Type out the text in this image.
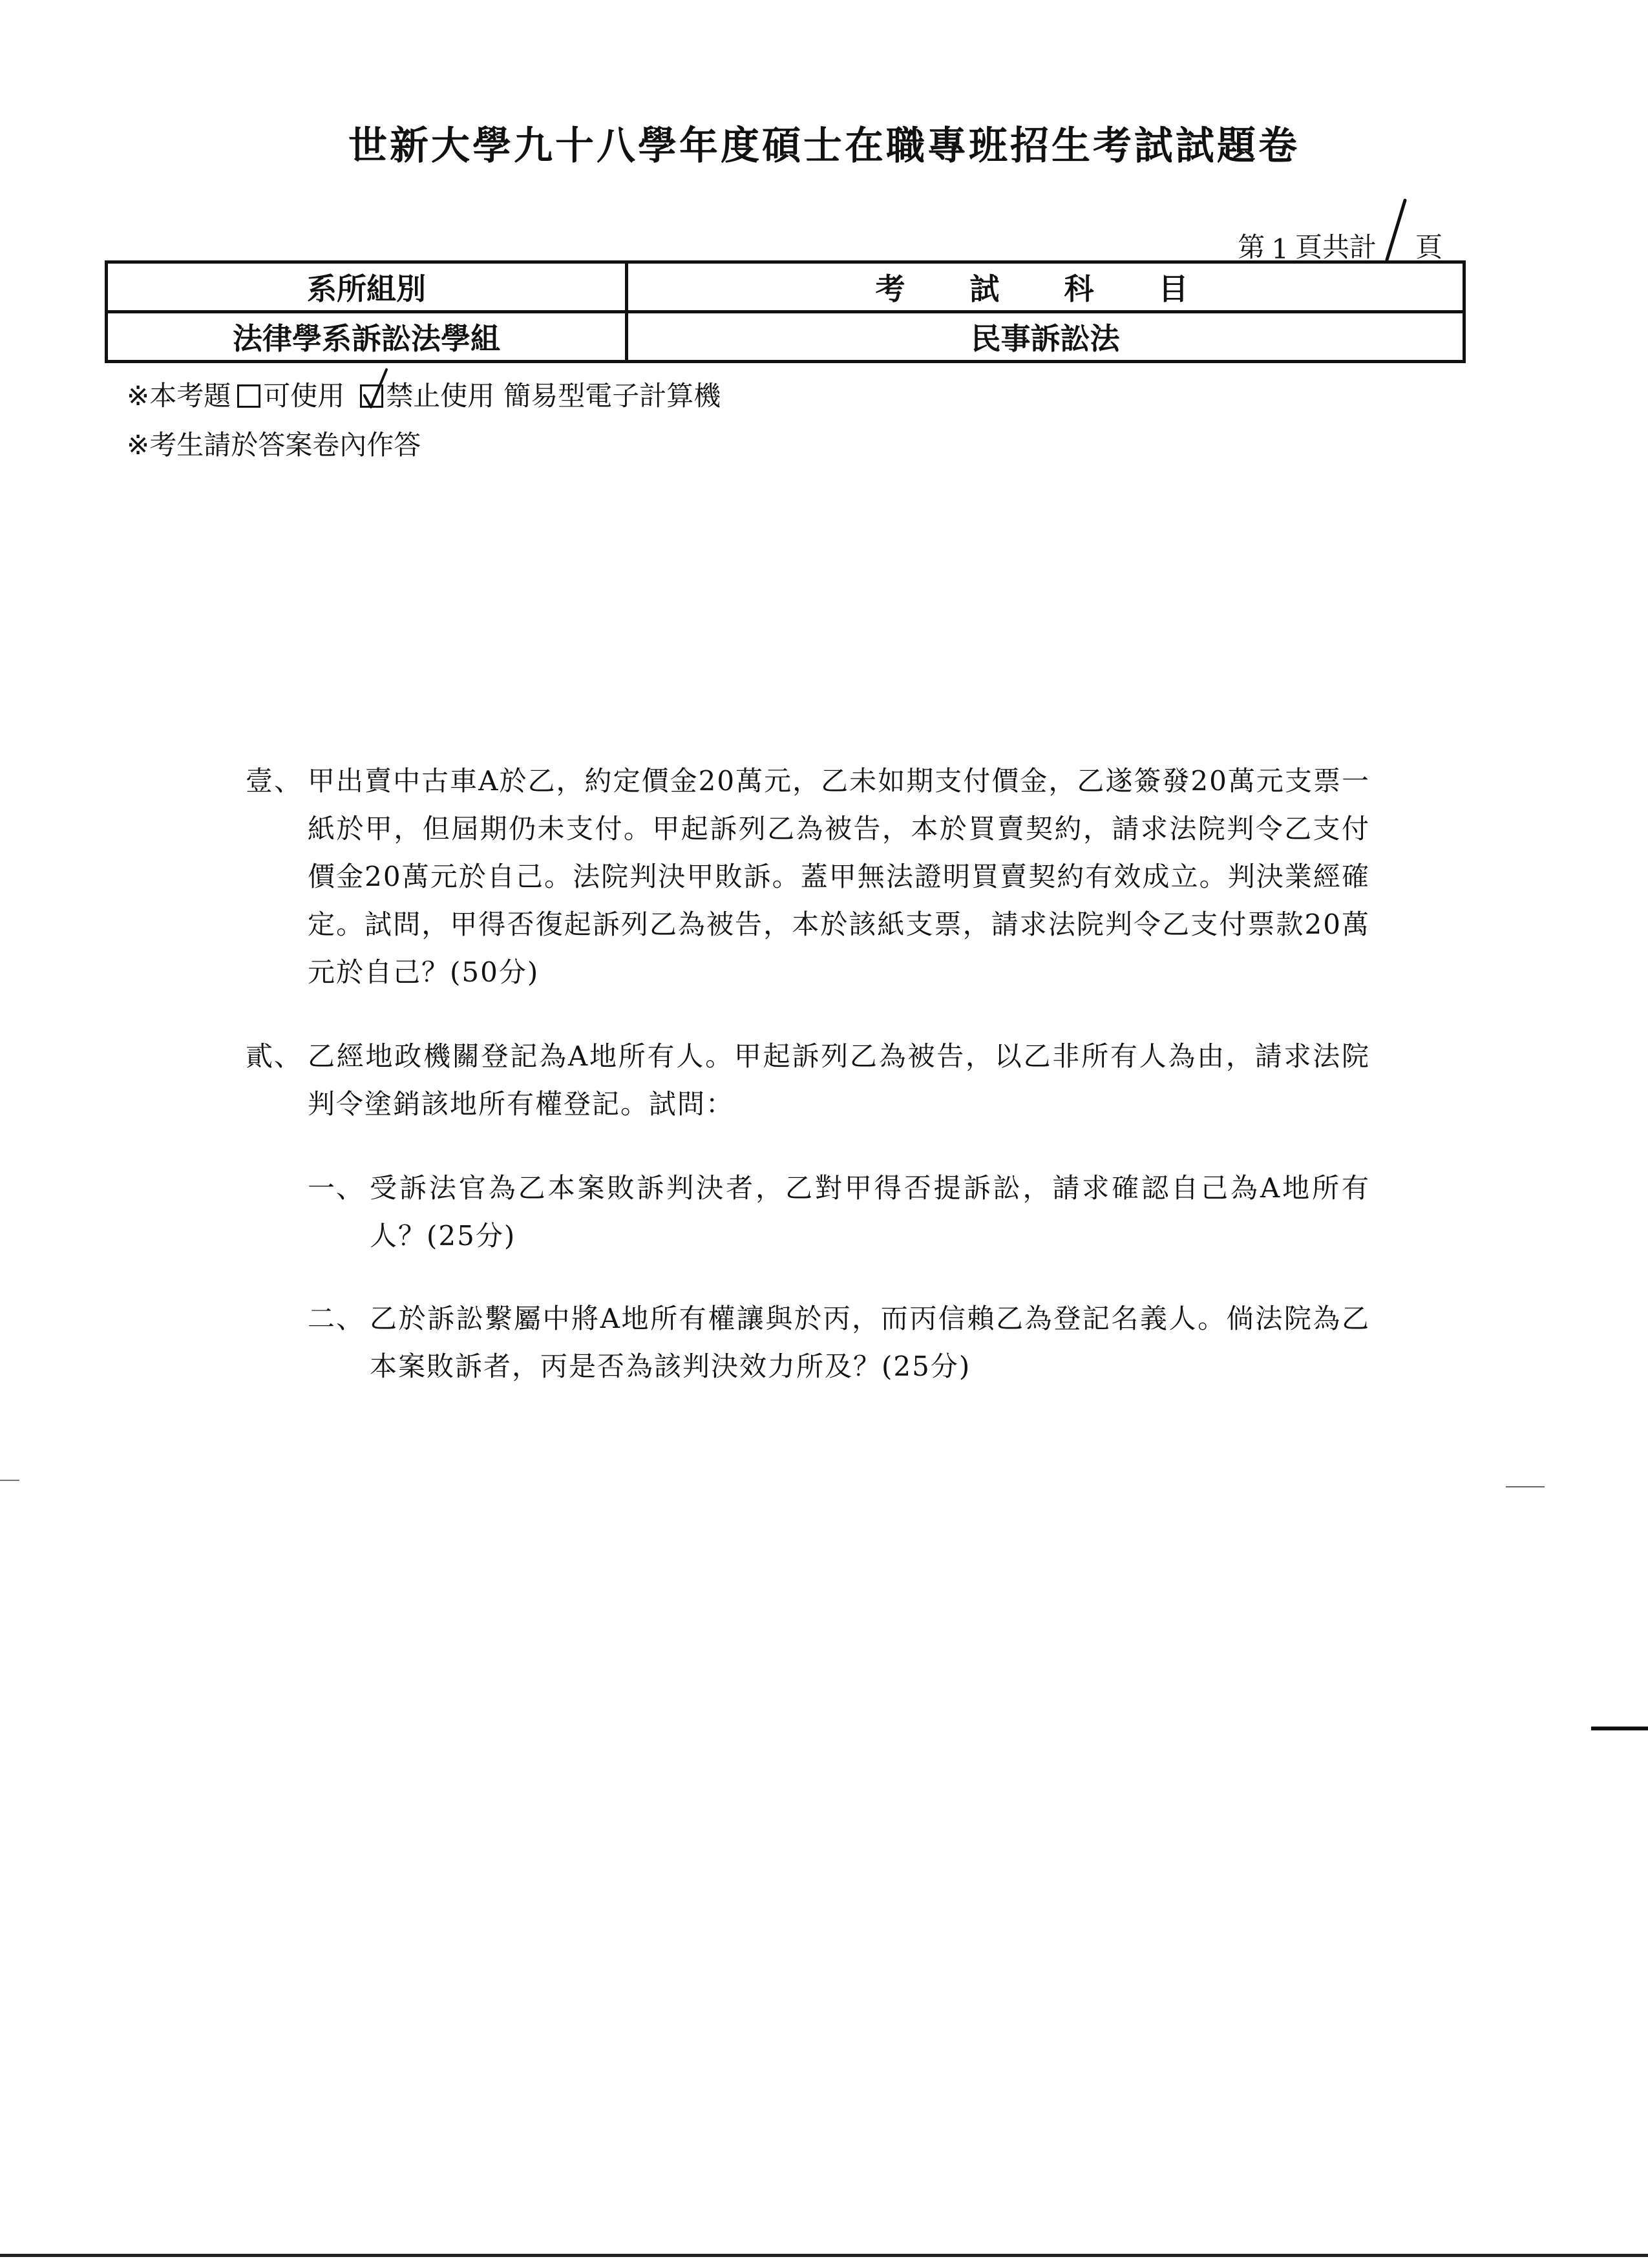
世新大學九十八學年度碩士在職專班招生考試試題卷
第 1 頁共計 頁
系所組別	考 試 科 目
法律學系訴訟法學組	民事訴訟法
※本考題 可使用 禁止使用 簡易型電子計算機
※考生請於答案卷內作答
壹、 甲出賣中古車A於乙，約定價金20萬元，乙未如期支付價金，乙遂簽發20萬元支票一紙於甲，但屆期仍未支付。甲起訴列乙為被告，本於買賣契約，請求法院判令乙支付價金20萬元於自己。法院判決甲敗訴。蓋甲無法證明買賣契約有效成立。判決業經確定。試問，甲得否復起訴列乙為被告，本於該紙支票，請求法院判令乙支付票款20萬元於自己？(50分)
貳、 乙經地政機關登記為A地所有人。甲起訴列乙為被告，以乙非所有人為由，請求法院判令塗銷該地所有權登記。試問：
一、 受訴法官為乙本案敗訴判決者，乙對甲得否提訴訟，請求確認自己為A地所有人？(25分)
二、 乙於訴訟繫屬中將A地所有權讓與於丙，而丙信賴乙為登記名義人。倘法院為乙本案敗訴者，丙是否為該判決效力所及？(25分)
